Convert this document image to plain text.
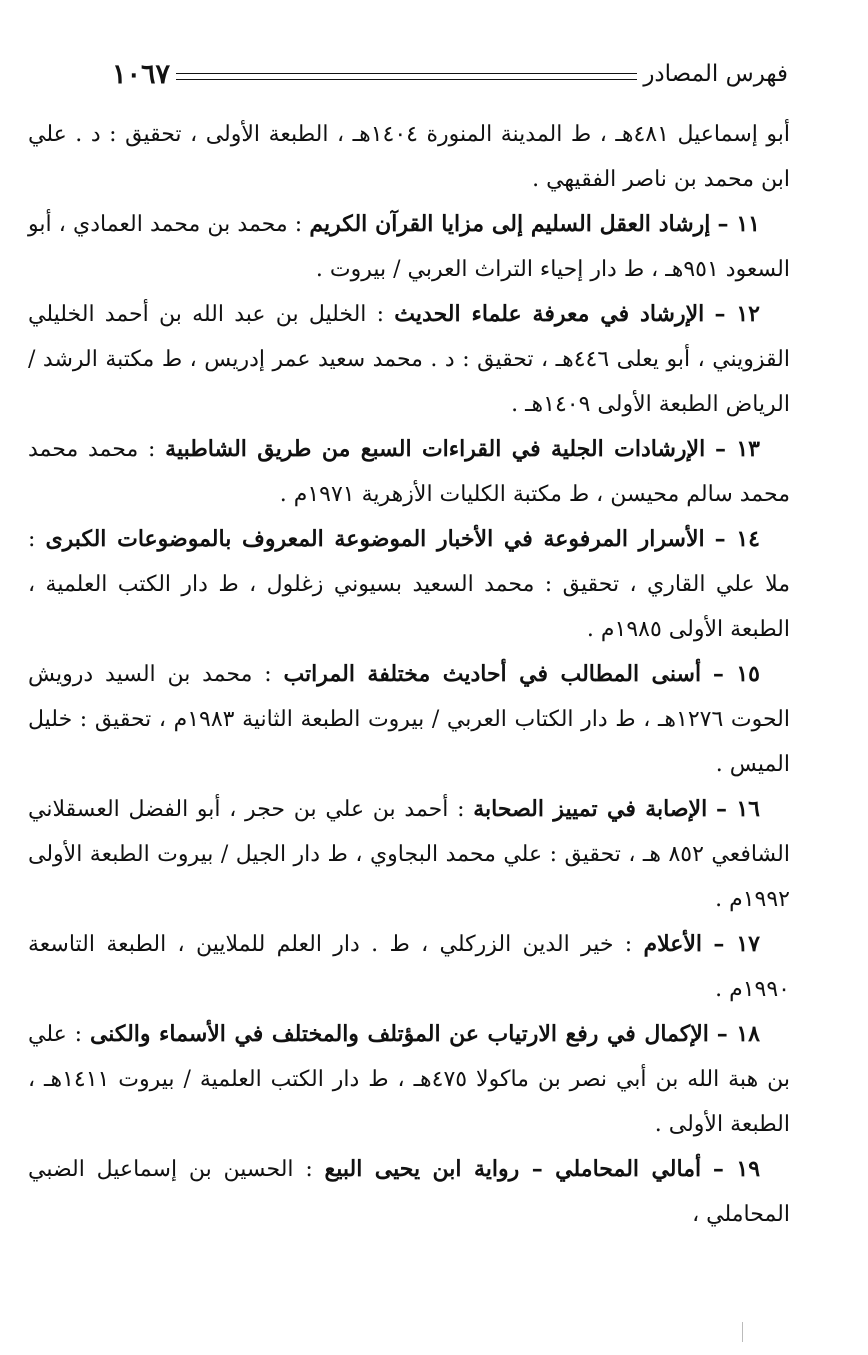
فهرس المصادر
١٠٦٧

أبو إسماعيل ٤٨١هـ ، ط المدينة المنورة ١٤٠٤هـ ، الطبعة الأولى ، تحقيق : د . علي ابن محمد بن ناصر الفقيهي .

١١ – إرشاد العقل السليم إلى مزايا القرآن الكريم : محمد بن محمد العمادي ، أبو السعود ٩٥١هـ ، ط دار إحياء التراث العربي / بيروت .

١٢ – الإرشاد في معرفة علماء الحديث : الخليل بن عبد الله بن أحمد الخليلي القزويني ، أبو يعلى ٤٤٦هـ ، تحقيق : د . محمد سعيد عمر إدريس ، ط مكتبة الرشد / الرياض الطبعة الأولى ١٤٠٩هـ .

١٣ – الإرشادات الجلية في القراءات السبع من طريق الشاطبية : محمد محمد محمد سالم محيسن ، ط مكتبة الكليات الأزهرية ١٩٧١م .

١٤ – الأسرار المرفوعة في الأخبار الموضوعة المعروف بالموضوعات الكبرى : ملا علي القاري ، تحقيق : محمد السعيد بسيوني زغلول ، ط دار الكتب العلمية ، الطبعة الأولى ١٩٨٥م .

١٥ – أسنى المطالب في أحاديث مختلفة المراتب : محمد بن السيد درويش الحوت ١٢٧٦هـ ، ط دار الكتاب العربي / بيروت الطبعة الثانية ١٩٨٣م ، تحقيق : خليل الميس .

١٦ – الإصابة في تمييز الصحابة : أحمد بن علي بن حجر ، أبو الفضل العسقلاني الشافعي ٨٥٢ هـ ، تحقيق : علي محمد البجاوي ، ط دار الجيل / بيروت الطبعة الأولى ١٩٩٢م .

١٧ – الأعلام : خير الدين الزركلي ، ط . دار العلم للملايين ، الطبعة التاسعة ١٩٩٠م .

١٨ – الإكمال في رفع الارتياب عن المؤتلف والمختلف في الأسماء والكنى : علي بن هبة الله بن أبي نصر بن ماكولا ٤٧٥هـ ، ط دار الكتب العلمية / بيروت ١٤١١هـ ، الطبعة الأولى .

١٩ – أمالي المحاملي – رواية ابن يحيى البيع : الحسين بن إسماعيل الضبي المحاملي ،
